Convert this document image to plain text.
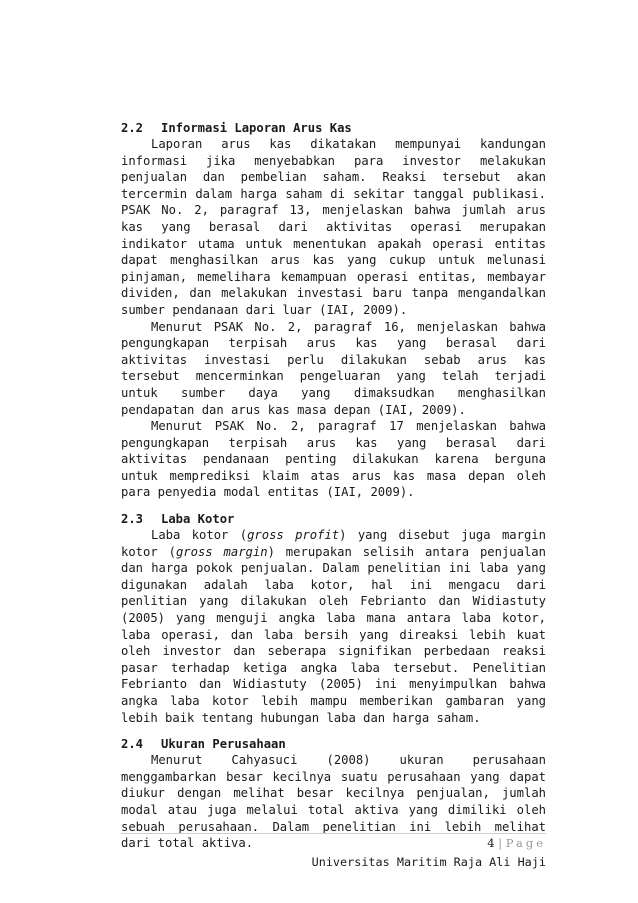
2.2 Informasi Laporan Arus Kas

Laporan arus kas dikatakan mempunyai kandungan informasi jika menyebabkan para investor melakukan penjualan dan pembelian saham. Reaksi tersebut akan tercermin dalam harga saham di sekitar tanggal publikasi. PSAK No. 2, paragraf 13, menjelaskan bahwa jumlah arus kas yang berasal dari aktivitas operasi merupakan indikator utama untuk menentukan apakah operasi entitas dapat menghasilkan arus kas yang cukup untuk melunasi pinjaman, memelihara kemampuan operasi entitas, membayar dividen, dan melakukan investasi baru tanpa mengandalkan sumber pendanaan dari luar (IAI, 2009).

Menurut PSAK No. 2, paragraf 16, menjelaskan bahwa pengungkapan terpisah arus kas yang berasal dari aktivitas investasi perlu dilakukan sebab arus kas tersebut mencerminkan pengeluaran yang telah terjadi untuk sumber daya yang dimaksudkan menghasilkan pendapatan dan arus kas masa depan (IAI, 2009).

Menurut PSAK No. 2, paragraf 17 menjelaskan bahwa pengungkapan terpisah arus kas yang berasal dari aktivitas pendanaan penting dilakukan karena berguna untuk memprediksi klaim atas arus kas masa depan oleh para penyedia modal entitas (IAI, 2009).

2.3 Laba Kotor

Laba kotor (gross profit) yang disebut juga margin kotor (gross margin) merupakan selisih antara penjualan dan harga pokok penjualan. Dalam penelitian ini laba yang digunakan adalah laba kotor, hal ini mengacu dari penlitian yang dilakukan oleh Febrianto dan Widiastuty (2005) yang menguji angka laba mana antara laba kotor, laba operasi, dan laba bersih yang direaksi lebih kuat oleh investor dan seberapa signifikan perbedaan reaksi pasar terhadap ketiga angka laba tersebut. Penelitian Febrianto dan Widiastuty (2005) ini menyimpulkan bahwa angka laba kotor lebih mampu memberikan gambaran yang lebih baik tentang hubungan laba dan harga saham.

2.4 Ukuran Perusahaan

Menurut Cahyasuci (2008) ukuran perusahaan menggambarkan besar kecilnya suatu perusahaan yang dapat diukur dengan melihat besar kecilnya penjualan, jumlah modal atau juga melalui total aktiva yang dimiliki oleh sebuah perusahaan. Dalam penelitian ini lebih melihat dari total aktiva.	4 | Page
Universitas Maritim Raja Ali Haji
